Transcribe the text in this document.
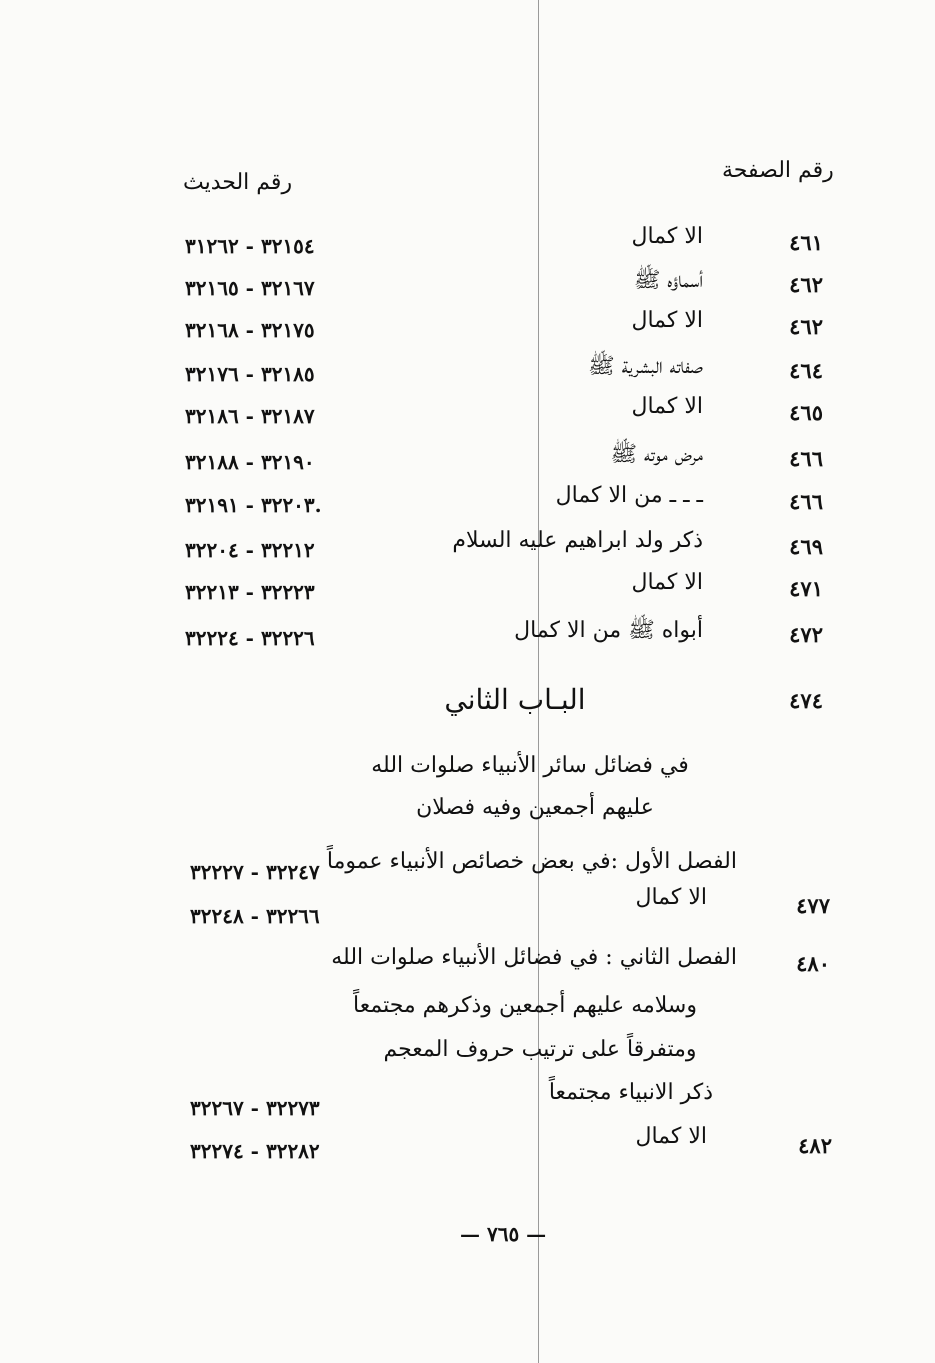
رقم الصفحة
رقم الحديث
٤٦١
الا كمال
٣٢١٥٤ - ٣١٢٦٢
٤٦٢
أسماؤه ﷺ
٣٢١٦٧ - ٣٢١٦٥
٤٦٢
الا كمال
٣٢١٧٥ - ٣٢١٦٨
٤٦٤
صفاته البشرية ﷺ
٣٢١٨٥ - ٣٢١٧٦
٤٦٥
الا كمال
٣٢١٨٧ - ٣٢١٨٦
٤٦٦
مرض موته ﷺ
٣٢١٩٠ - ٣٢١٨٨
٤٦٦
ـ ـ ـ من الا كمال
٣٢٢٠٣ - ٣٢١٩١.
٤٦٩
ذكر ولد ابراهيم عليه السلام
٣٢٢١٢ - ٣٢٢٠٤
٤٧١
الا كمال
٣٢٢٢٣ - ٣٢٢١٣
٤٧٢
أبواه ﷺ من الا كمال
٣٢٢٢٦ - ٣٢٢٢٤
٤٧٤
البـاب الثاني
في فضائل سائر الأنبياء صلوات الله
عليهم أجمعين وفيه فصلان
الفصل الأول :في بعض خصائص الأنبياء عموماً
٣٢٢٤٧ - ٣٢٢٢٧
٤٧٧
الا كمال
٣٢٢٦٦ - ٣٢٢٤٨
٤٨٠
الفصل الثاني : في فضائل الأنبياء صلوات الله
وسلامه عليهم أجمعين وذكرهم مجتمعاً
ومتفرقاً على ترتيب حروف المعجم
ذكر الانبياء مجتمعاً
٣٢٢٧٣ - ٣٢٢٦٧
٤٨٢
الا كمال
٣٢٢٨٢ - ٣٢٢٧٤
— ٧٦٥ —
